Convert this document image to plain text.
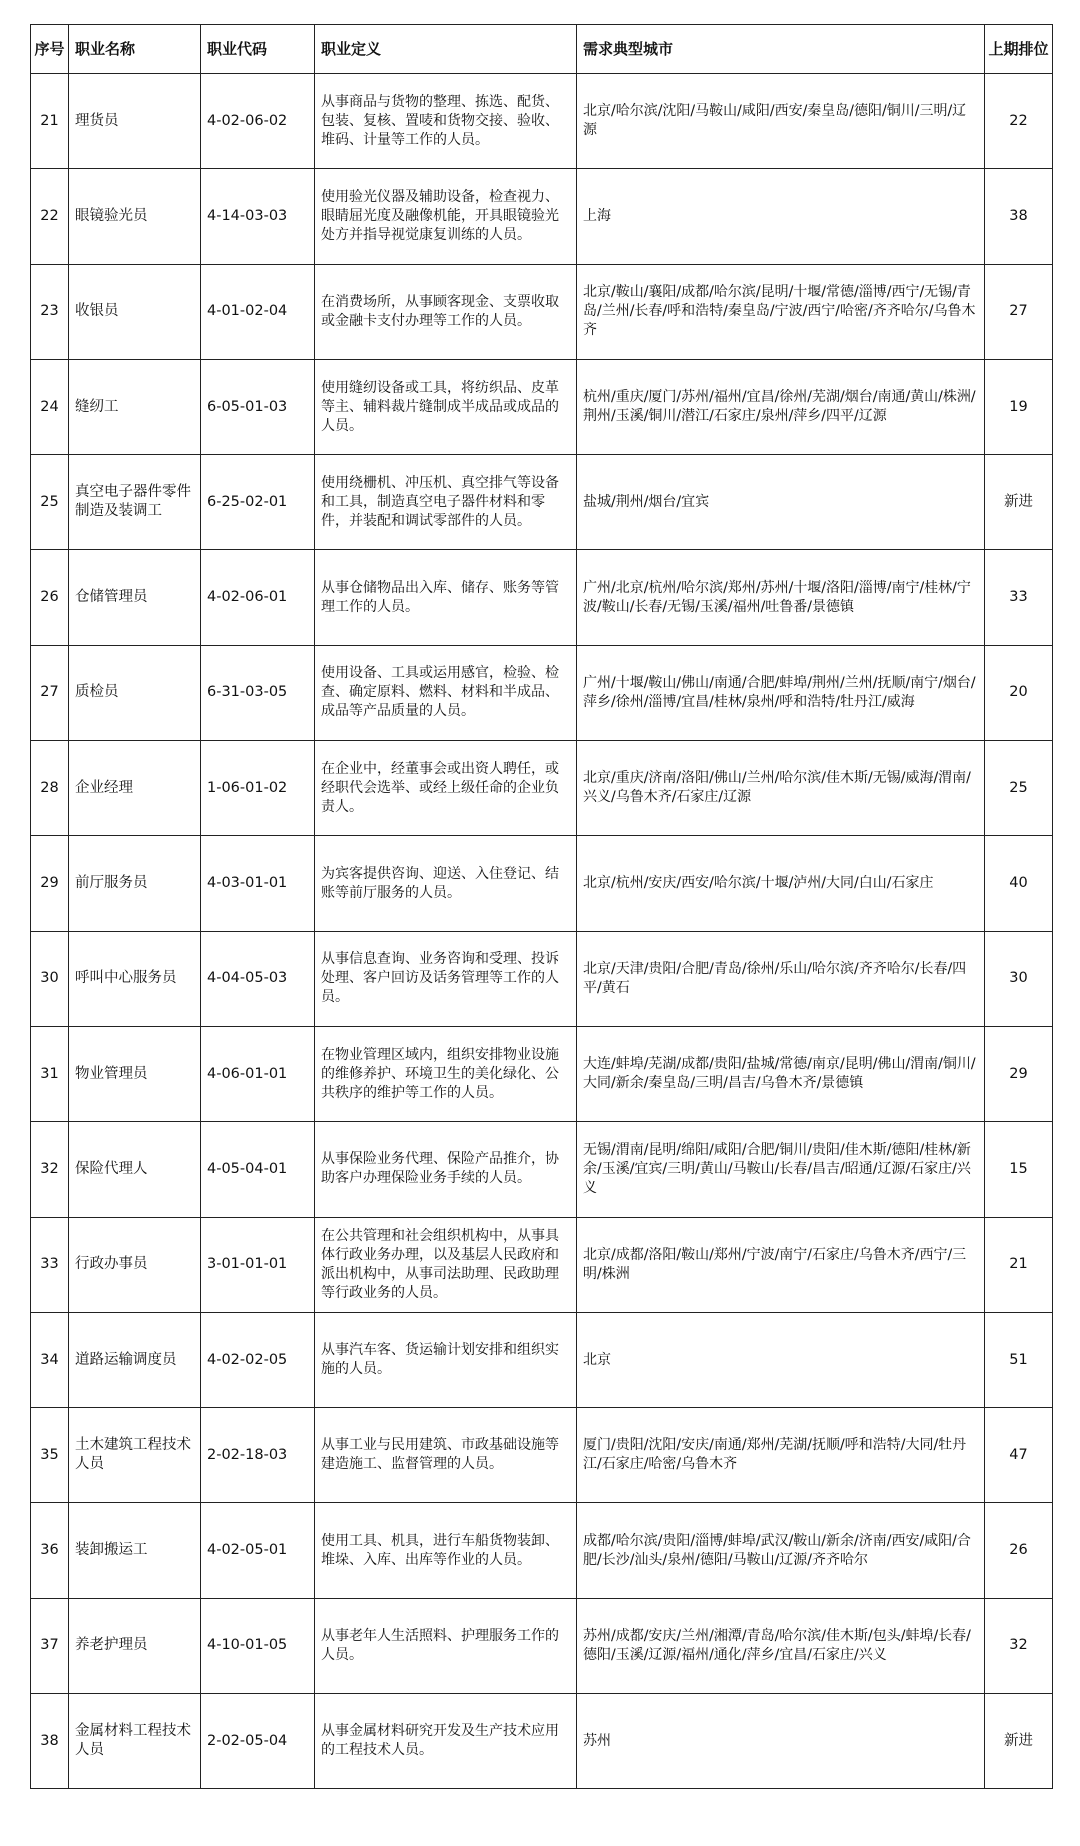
序号	职业名称	职业代码	职业定义	需求典型城市	上期排位
21	理货员	4-02-06-02	从事商品与货物的整理、拣选、配货、包装、复核、置唛和货物交接、验收、堆码、计量等工作的人员。	北京/哈尔滨/沈阳/马鞍山/咸阳/西安/秦皇岛/德阳/铜川/三明/辽源	22
22	眼镜验光员	4-14-03-03	使用验光仪器及辅助设备，检查视力、眼睛屈光度及融像机能，开具眼镜验光处方并指导视觉康复训练的人员。	上海	38
23	收银员	4-01-02-04	在消费场所，从事顾客现金、支票收取或金融卡支付办理等工作的人员。	北京/鞍山/襄阳/成都/哈尔滨/昆明/十堰/常德/淄博/西宁/无锡/青岛/兰州/长春/呼和浩特/秦皇岛/宁波/西宁/哈密/齐齐哈尔/乌鲁木齐	27
24	缝纫工	6-05-01-03	使用缝纫设备或工具，将纺织品、皮革等主、辅料裁片缝制成半成品或成品的人员。	杭州/重庆/厦门/苏州/福州/宜昌/徐州/芜湖/烟台/南通/黄山/株洲/荆州/玉溪/铜川/潜江/石家庄/泉州/萍乡/四平/辽源	19
25	真空电子器件零件制造及装调工	6-25-02-01	使用绕栅机、冲压机、真空排气等设备和工具，制造真空电子器件材料和零件，并装配和调试零部件的人员。	盐城/荆州/烟台/宜宾	新进
26	仓储管理员	4-02-06-01	从事仓储物品出入库、储存、账务等管理工作的人员。	广州/北京/杭州/哈尔滨/郑州/苏州/十堰/洛阳/淄博/南宁/桂林/宁波/鞍山/长春/无锡/玉溪/福州/吐鲁番/景德镇	33
27	质检员	6-31-03-05	使用设备、工具或运用感官，检验、检查、确定原料、燃料、材料和半成品、成品等产品质量的人员。	广州/十堰/鞍山/佛山/南通/合肥/蚌埠/荆州/兰州/抚顺/南宁/烟台/萍乡/徐州/淄博/宜昌/桂林/泉州/呼和浩特/牡丹江/威海	20
28	企业经理	1-06-01-02	在企业中，经董事会或出资人聘任，或经职代会选举、或经上级任命的企业负责人。	北京/重庆/济南/洛阳/佛山/兰州/哈尔滨/佳木斯/无锡/威海/渭南/兴义/乌鲁木齐/石家庄/辽源	25
29	前厅服务员	4-03-01-01	为宾客提供咨询、迎送、入住登记、结账等前厅服务的人员。	北京/杭州/安庆/西安/哈尔滨/十堰/泸州/大同/白山/石家庄	40
30	呼叫中心服务员	4-04-05-03	从事信息查询、业务咨询和受理、投诉处理、客户回访及话务管理等工作的人员。	北京/天津/贵阳/合肥/青岛/徐州/乐山/哈尔滨/齐齐哈尔/长春/四平/黄石	30
31	物业管理员	4-06-01-01	在物业管理区域内，组织安排物业设施的维修养护、环境卫生的美化绿化、公共秩序的维护等工作的人员。	大连/蚌埠/芜湖/成都/贵阳/盐城/常德/南京/昆明/佛山/渭南/铜川/大同/新余/秦皇岛/三明/昌吉/乌鲁木齐/景德镇	29
32	保险代理人	4-05-04-01	从事保险业务代理、保险产品推介，协助客户办理保险业务手续的人员。	无锡/渭南/昆明/绵阳/咸阳/合肥/铜川/贵阳/佳木斯/德阳/桂林/新余/玉溪/宜宾/三明/黄山/马鞍山/长春/昌吉/昭通/辽源/石家庄/兴义	15
33	行政办事员	3-01-01-01	在公共管理和社会组织机构中，从事具体行政业务办理，以及基层人民政府和派出机构中，从事司法助理、民政助理等行政业务的人员。	北京/成都/洛阳/鞍山/郑州/宁波/南宁/石家庄/乌鲁木齐/西宁/三明/株洲	21
34	道路运输调度员	4-02-02-05	从事汽车客、货运输计划安排和组织实施的人员。	北京	51
35	土木建筑工程技术人员	2-02-18-03	从事工业与民用建筑、市政基础设施等建造施工、监督管理的人员。	厦门/贵阳/沈阳/安庆/南通/郑州/芜湖/抚顺/呼和浩特/大同/牡丹江/石家庄/哈密/乌鲁木齐	47
36	装卸搬运工	4-02-05-01	使用工具、机具，进行车船货物装卸、堆垛、入库、出库等作业的人员。	成都/哈尔滨/贵阳/淄博/蚌埠/武汉/鞍山/新余/济南/西安/咸阳/合肥/长沙/汕头/泉州/德阳/马鞍山/辽源/齐齐哈尔	26
37	养老护理员	4-10-01-05	从事老年人生活照料、护理服务工作的人员。	苏州/成都/安庆/兰州/湘潭/青岛/哈尔滨/佳木斯/包头/蚌埠/长春/德阳/玉溪/辽源/福州/通化/萍乡/宜昌/石家庄/兴义	32
38	金属材料工程技术人员	2-02-05-04	从事金属材料研究开发及生产技术应用的工程技术人员。	苏州	新进
